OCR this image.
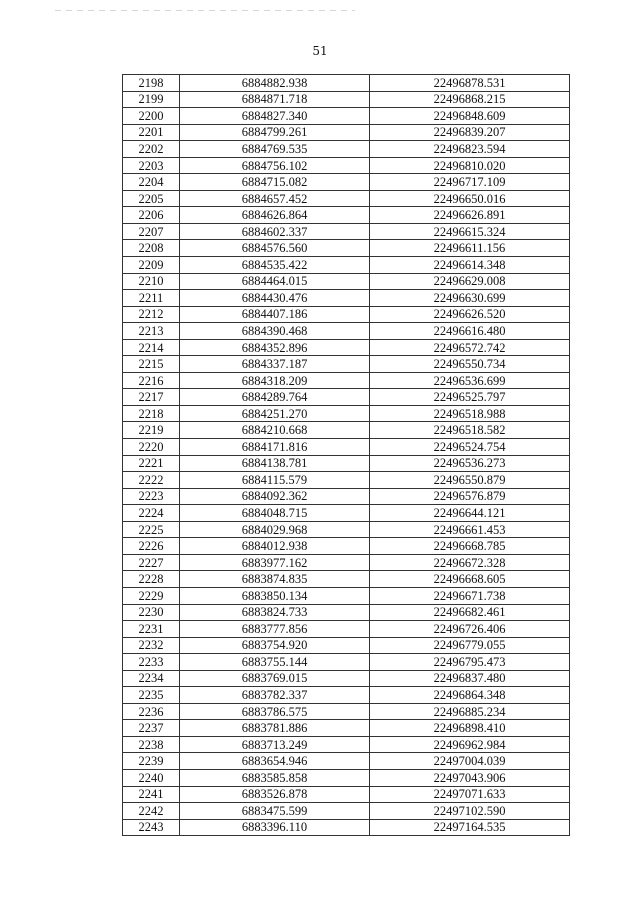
51
2198	6884882.938	22496878.531
2199	6884871.718	22496868.215
2200	6884827.340	22496848.609
2201	6884799.261	22496839.207
2202	6884769.535	22496823.594
2203	6884756.102	22496810.020
2204	6884715.082	22496717.109
2205	6884657.452	22496650.016
2206	6884626.864	22496626.891
2207	6884602.337	22496615.324
2208	6884576.560	22496611.156
2209	6884535.422	22496614.348
2210	6884464.015	22496629.008
2211	6884430.476	22496630.699
2212	6884407.186	22496626.520
2213	6884390.468	22496616.480
2214	6884352.896	22496572.742
2215	6884337.187	22496550.734
2216	6884318.209	22496536.699
2217	6884289.764	22496525.797
2218	6884251.270	22496518.988
2219	6884210.668	22496518.582
2220	6884171.816	22496524.754
2221	6884138.781	22496536.273
2222	6884115.579	22496550.879
2223	6884092.362	22496576.879
2224	6884048.715	22496644.121
2225	6884029.968	22496661.453
2226	6884012.938	22496668.785
2227	6883977.162	22496672.328
2228	6883874.835	22496668.605
2229	6883850.134	22496671.738
2230	6883824.733	22496682.461
2231	6883777.856	22496726.406
2232	6883754.920	22496779.055
2233	6883755.144	22496795.473
2234	6883769.015	22496837.480
2235	6883782.337	22496864.348
2236	6883786.575	22496885.234
2237	6883781.886	22496898.410
2238	6883713.249	22496962.984
2239	6883654.946	22497004.039
2240	6883585.858	22497043.906
2241	6883526.878	22497071.633
2242	6883475.599	22497102.590
2243	6883396.110	22497164.535
